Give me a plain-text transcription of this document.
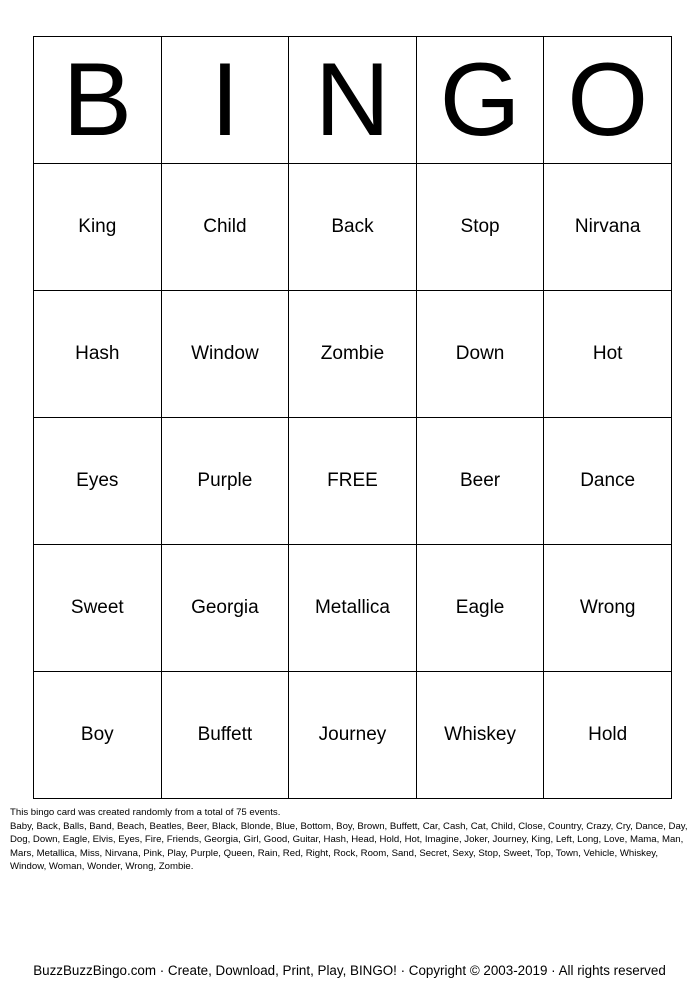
B	I	N	G	O
King	Child	Back	Stop	Nirvana
Hash	Window	Zombie	Down	Hot
Eyes	Purple	FREE	Beer	Dance
Sweet	Georgia	Metallica	Eagle	Wrong
Boy	Buffett	Journey	Whiskey	Hold

This bingo card was created randomly from a total of 75 events.

Baby, Back, Balls, Band, Beach, Beatles, Beer, Black, Blonde, Blue, Bottom, Boy, Brown, Buffett, Car, Cash, Cat, Child, Close, Country, Crazy, Cry, Dance, Day, Dog, Down, Eagle, Elvis, Eyes, Fire, Friends, Georgia, Girl, Good, Guitar, Hash, Head, Hold, Hot, Imagine, Joker, Journey, King, Left, Long, Love, Mama, Man, Mars, Metallica, Miss, Nirvana, Pink, Play, Purple, Queen, Rain, Red, Right, Rock, Room, Sand, Secret, Sexy, Stop, Sweet, Top, Town, Vehicle, Whiskey, Window, Woman, Wonder, Wrong, Zombie.

BuzzBuzzBingo.com · Create, Download, Print, Play, BINGO! · Copyright © 2003-2019 · All rights reserved
